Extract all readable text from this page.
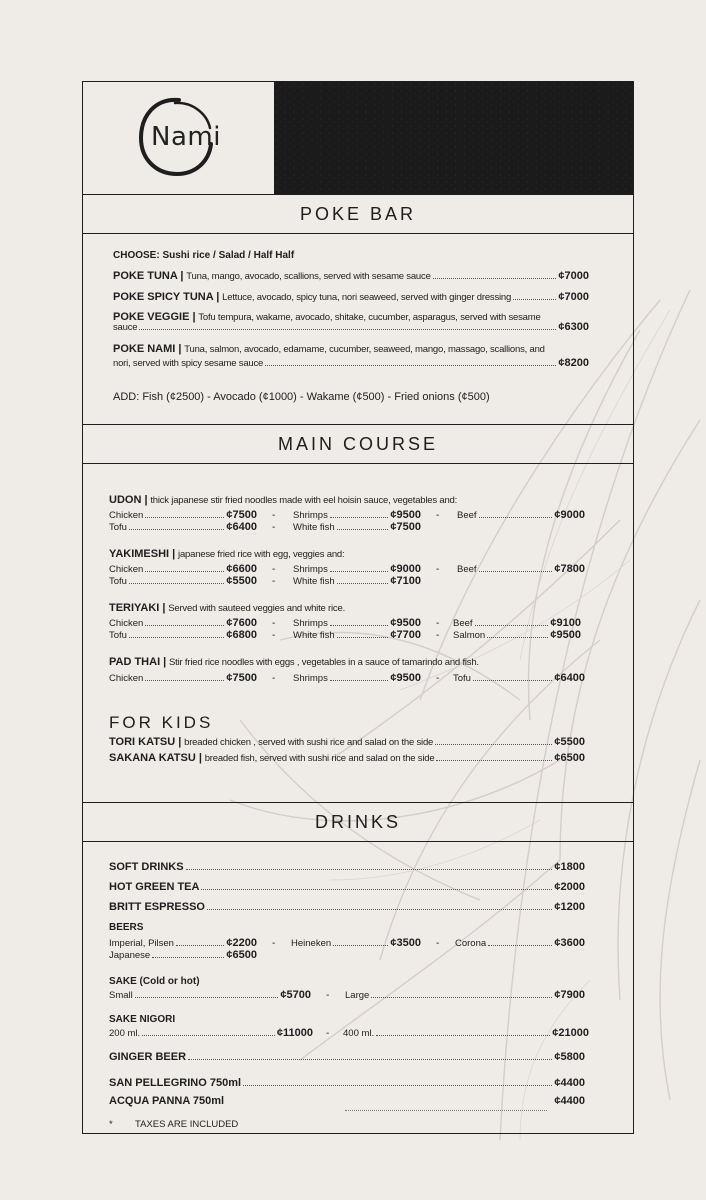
Nami
POKE BAR
CHOOSE: Sushi rice / Salad / Half Half
POKE TUNA |
Tuna, mango, avocado, scallions, served with sesame sauce	¢7000
POKE SPICY TUNA |
Lettuce, avocado, spicy tuna, nori seaweed, served with ginger dressing	¢7000
POKE VEGGIE |
Tofu tempura, wakame, avocado, shitake, cucumber, asparagus, served with sesame
sauce	¢6300
POKE NAMI |
Tuna, salmon, avocado, edamame, cucumber, seaweed, mango, massago, scallions, and
nori, served with spicy sesame sauce	¢8200
ADD: Fish (¢2500) - Avocado (¢1000) - Wakame (¢500) - Fried onions (¢500)
MAIN COURSE
UDON | thick japanese stir fried noodles made with eel hoisin sauce, vegetables and:
Chicken	¢7500 - Shrimps	¢9500 - Beef	¢9000
Tofu	¢6400 - White fish	¢7500
YAKIMESHI | japanese fried rice with egg, veggies and:
Chicken	¢6600 - Shrimps	¢9000 - Beef	¢7800
Tofu	¢5500 - White fish	¢7100
TERIYAKI | Served with sauteed veggies and white rice.
Chicken	¢7600 - Shrimps	¢9500 - Beef	¢9100
Tofu	¢6800 - White fish	¢7700 - Salmon	¢9500
PAD THAI | Stir fried rice noodles with eggs , vegetables in a sauce of tamarindo and fish.
Chicken	¢7500 - Shrimps	¢9500 - Tofu	¢6400
FOR KIDS
TORI KATSU |
breaded chicken , served with sushi rice and salad on the side	¢5500
SAKANA KATSU |
breaded fish, served with sushi rice and salad on the side	¢6500
DRINKS
SOFT DRINKS	¢1800
HOT GREEN TEA	¢2000
BRITT ESPRESSO	¢1200
BEERS
Imperial, Pilsen	¢2200 - Heineken	¢3500 - Corona	¢3600
Japanese	¢6500
SAKE (Cold or hot)
Small	¢5700 - Large	¢7900
SAKE NIGORI
200 ml.	¢11000 - 400 ml.	¢21000
GINGER BEER	¢5800
SAN PELLEGRINO 750ml	¢4400
ACQUA PANNA 750ml	¢4400
* TAXES ARE INCLUDED
